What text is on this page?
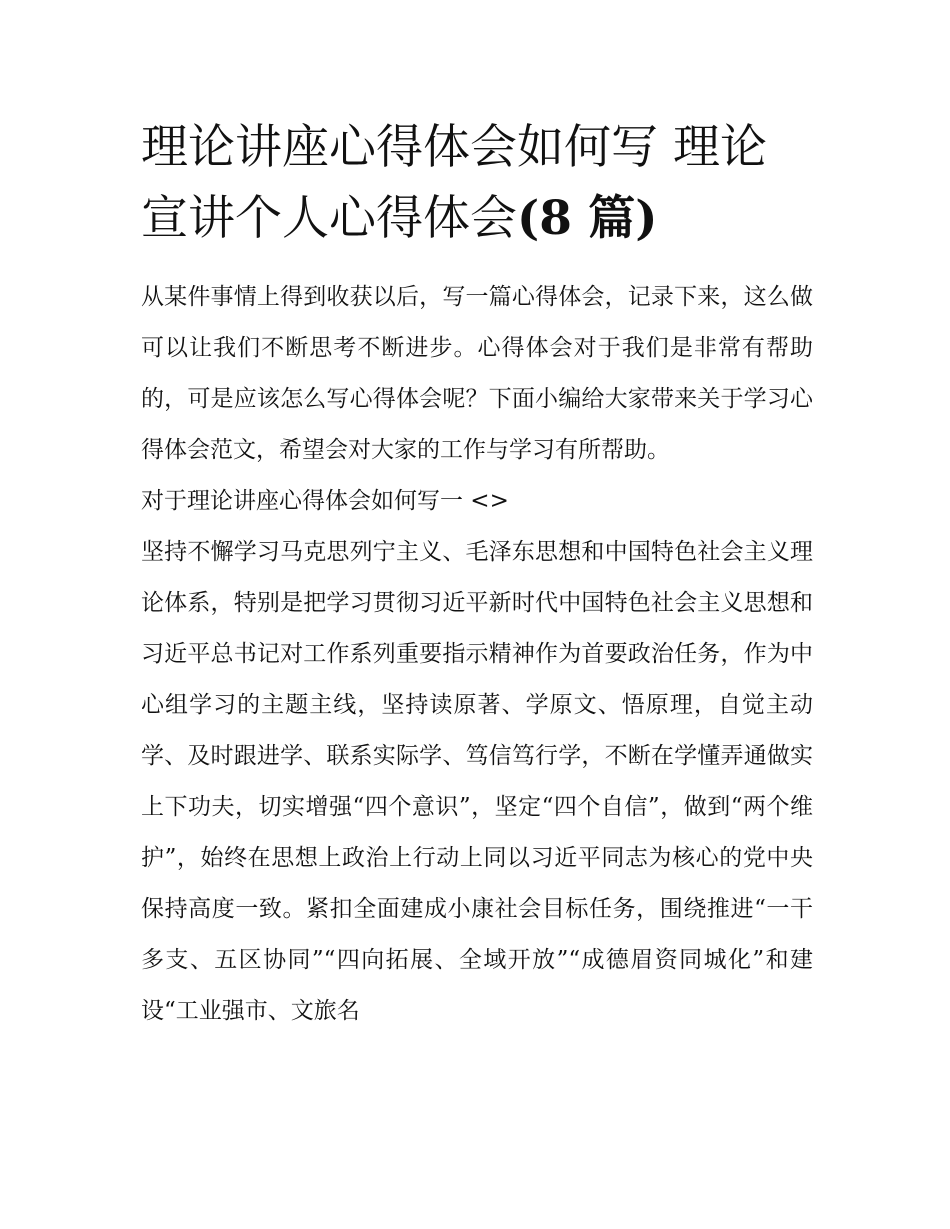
理论讲座心得体会如何写 理论宣讲个人心得体会(8 篇)

从某件事情上得到收获以后，写一篇心得体会，记录下来，这么做可以让我们不断思考不断进步。心得体会对于我们是非常有帮助的，可是应该怎么写心得体会呢？下面小编给大家带来关于学习心得体会范文，希望会对大家的工作与学习有所帮助。

对于理论讲座心得体会如何写一 <>

坚持不懈学习马克思列宁主义、毛泽东思想和中国特色社会主义理论体系，特别是把学习贯彻习近平新时代中国特色社会主义思想和习近平总书记对工作系列重要指示精神作为首要政治任务，作为中心组学习的主题主线，坚持读原著、学原文、悟原理，自觉主动学、及时跟进学、联系实际学、笃信笃行学，不断在学懂弄通做实上下功夫，切实增强“四个意识”，坚定“四个自信”，做到“两个维护”，始终在思想上政治上行动上同以习近平同志为核心的党中央保持高度一致。紧扣全面建成小康社会目标任务，围绕推进“一干多支、五区协同”“四向拓展、全域开放”“成德眉资同城化”和建设“工业强市、文旅名
